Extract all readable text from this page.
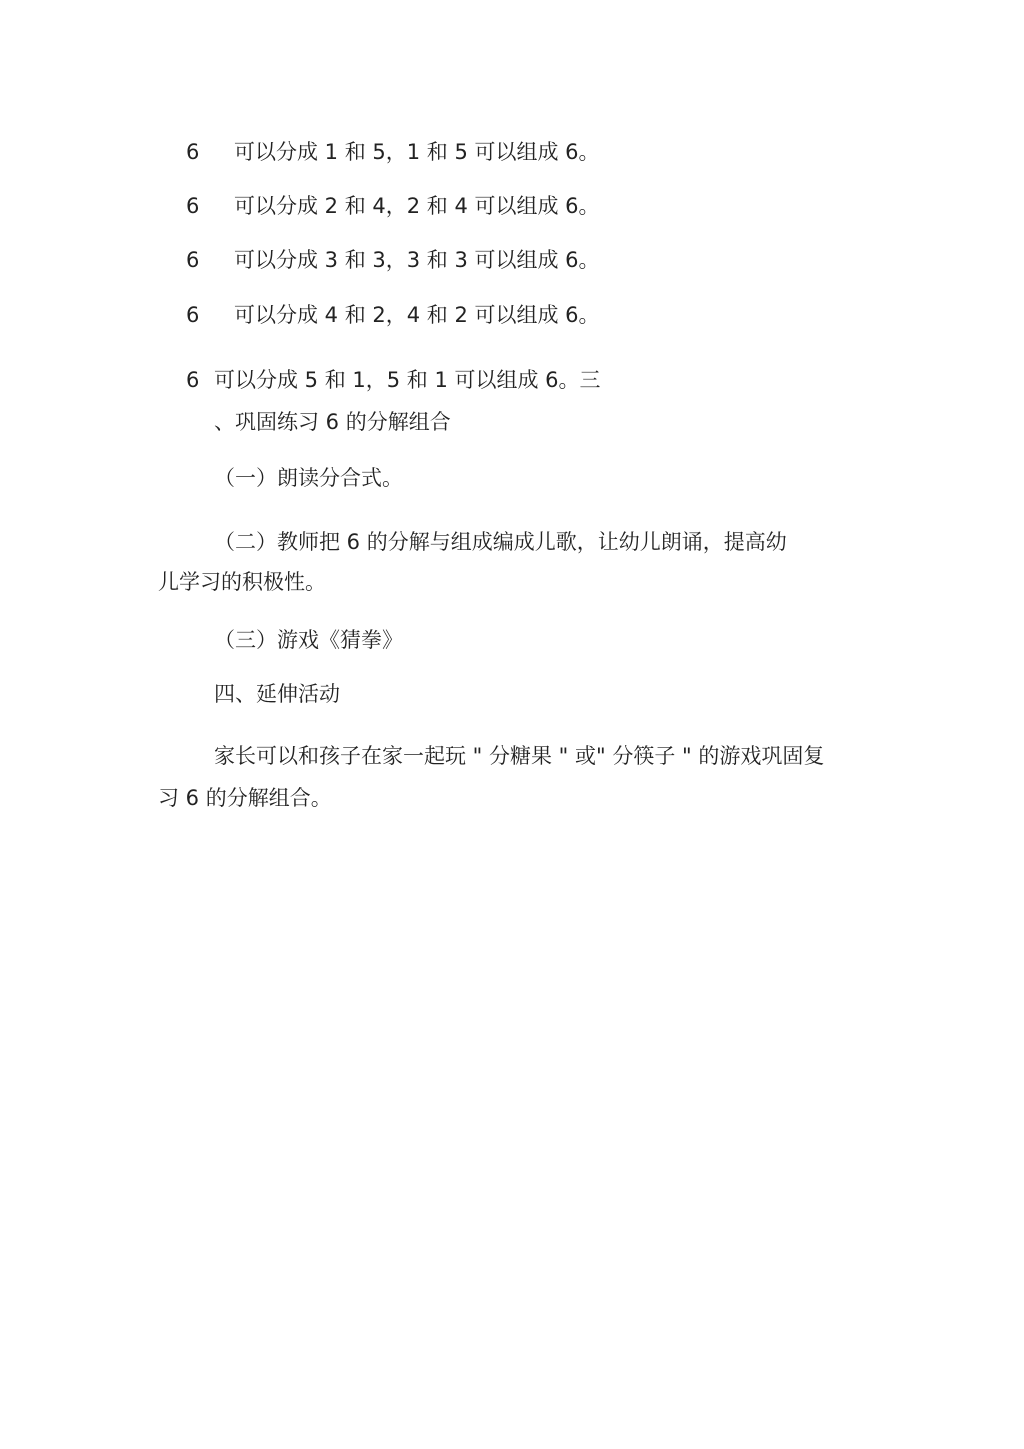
6 可以分成 1 和 5，1 和 5 可以组成 6。
6 可以分成 2 和 4，2 和 4 可以组成 6。
6 可以分成 3 和 3，3 和 3 可以组成 6。
6 可以分成 4 和 2，4 和 2 可以组成 6。
6 可以分成 5 和 1，5 和 1 可以组成 6。三
、巩固练习 6 的分解组合
（一）朗读分合式。
（二）教师把 6 的分解与组成编成儿歌，让幼儿朗诵，提高幼
儿学习的积极性。
（三）游戏《猜拳》
四、延伸活动
家长可以和孩子在家一起玩 " 分糖果 " 或" 分筷子 " 的游戏巩固复
习 6 的分解组合。
